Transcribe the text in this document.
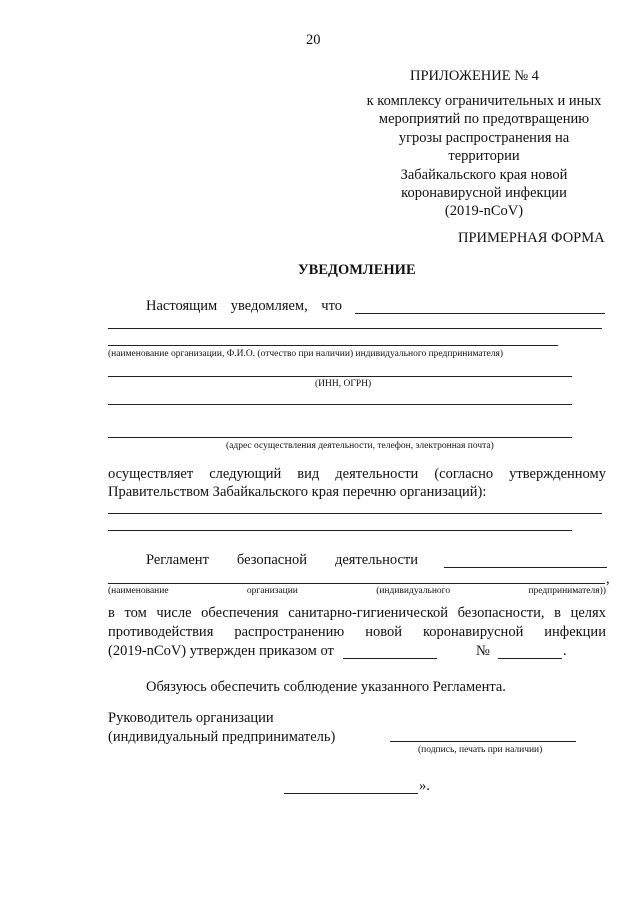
20
ПРИЛОЖЕНИЕ № 4
к комплексу ограничительных и иных
мероприятий по предотвращению
угрозы распространения на территории
Забайкальского края новой
коронавирусной инфекции
(2019-nCoV)
ПРИМЕРНАЯ ФОРМА
УВЕДОМЛЕНИЕ
Настоящим уведомляем, что
(наименование организации, Ф.И.О. (отчество при наличии) индивидуального предпринимателя)
(ИНН, ОГРН)
(адрес осуществления деятельности, телефон, электронная почта)
осуществляет следующий вид деятельности (согласно утвержденному
Правительством Забайкальского края перечню организаций):
Регламент безопасной деятельности
,
(наименование	организации	(индивидуального	предпринимателя))
в том числе обеспечения санитарно-гигиенической безопасности, в целях
противодействия распространению новой коронавирусной инфекции
(2019-nCoV) утвержден приказом от	№	.
Обязуюсь обеспечить соблюдение указанного Регламента.
Руководитель организации
(индивидуальный предприниматель)
(подпись, печать при наличии)
».
